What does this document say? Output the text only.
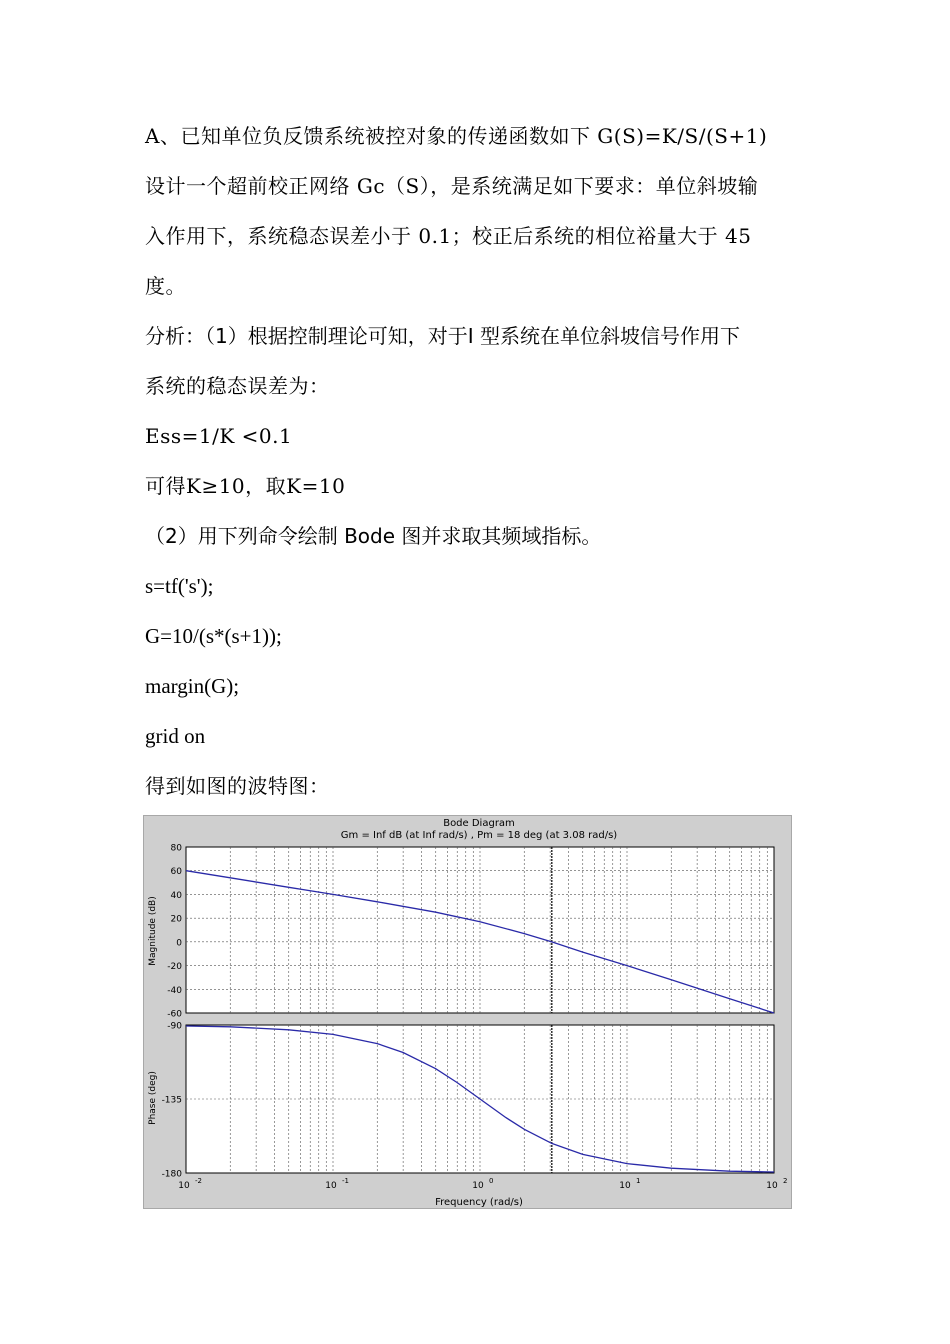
A、已知单位负反馈系统被控对象的传递函数如下 G(S)=K/S/(S+1)
设计一个超前校正网络 Gc（S），是系统满足如下要求：单位斜坡输
入作用下，系统稳态误差小于 0.1；校正后系统的相位裕量大于 45
度。
分析：（1）根据控制理论可知，对于I 型系统在单位斜坡信号作用下
系统的稳态误差为：
Ess=1/K <0.1
可得K≥10，取K=10
（2）用下列命令绘制 Bode 图并求取其频域指标。
s=tf('s');
G=10/(s*(s+1));
margin(G);
grid on
得到如图的波特图：
Bode Diagram
Gm = Inf dB (at Inf rad/s) , Pm = 18 deg (at 3.08 rad/s)
Frequency (rad/s)
Magnitude (dB)
Phase (deg)
80
60
40
20
0
-20
-40
-60
-90
-135
-180
10 -2	10 -1	10 0	10 1	10 2
